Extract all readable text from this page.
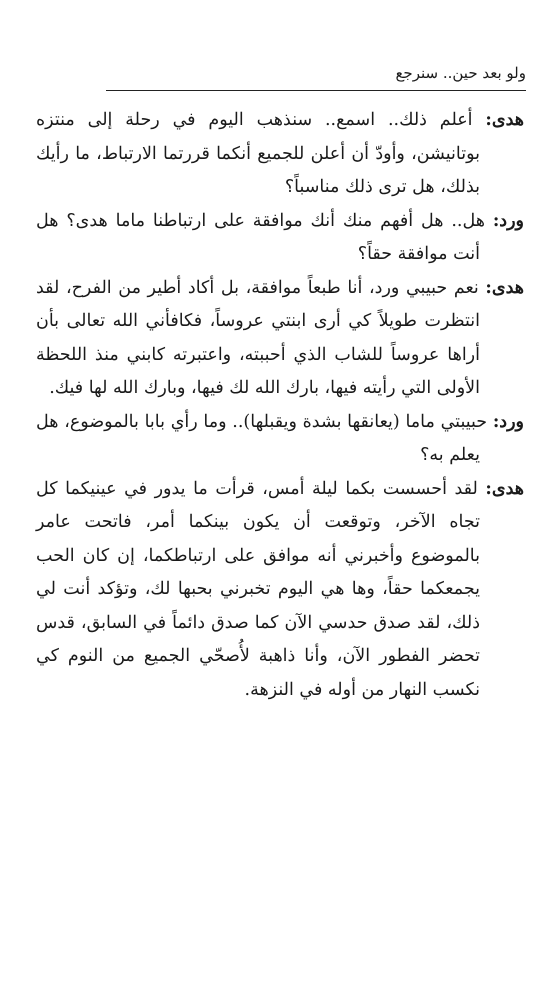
ولو بعد حين.. سنرجع

هدى: أعلم ذلك.. اسمع.. سنذهب اليوم في رحلة إلى منتزه بوتانيشن، وأودّ أن أعلن للجميع أنكما قررتما الارتباط، ما رأيك بذلك، هل ترى ذلك مناسباً؟

ورد: هل.. هل أفهم منك أنك موافقة على ارتباطنا ماما هدى؟ هل أنت موافقة حقاً؟

هدى: نعم حبيبي ورد، أنا طبعاً موافقة، بل أكاد أطير من الفرح، لقد انتظرت طويلاً كي أرى ابنتي عروساً، فكافأني الله تعالى بأن أراها عروساً للشاب الذي أحببته، واعتبرته كابني منذ اللحظة الأولى التي رأيته فيها، بارك الله لك فيها، وبارك الله لها فيك.

ورد: حبيبتي ماما (يعانقها بشدة ويقبلها).. وما رأي بابا بالموضوع، هل يعلم به؟

هدى: لقد أحسست بكما ليلة أمس، قرأت ما يدور في عينيكما كل تجاه الآخر، وتوقعت أن يكون بينكما أمر، فاتحت عامر بالموضوع وأخبرني أنه موافق على ارتباطكما، إن كان الحب يجمعكما حقاً، وها هي اليوم تخبرني بحبها لك، وتؤكد أنت لي ذلك، لقد صدق حدسي الآن كما صدق دائماً في السابق، قدس تحضر الفطور الآن، وأنا ذاهبة لأُصحّي الجميع من النوم كي نكسب النهار من أوله في النزهة.
